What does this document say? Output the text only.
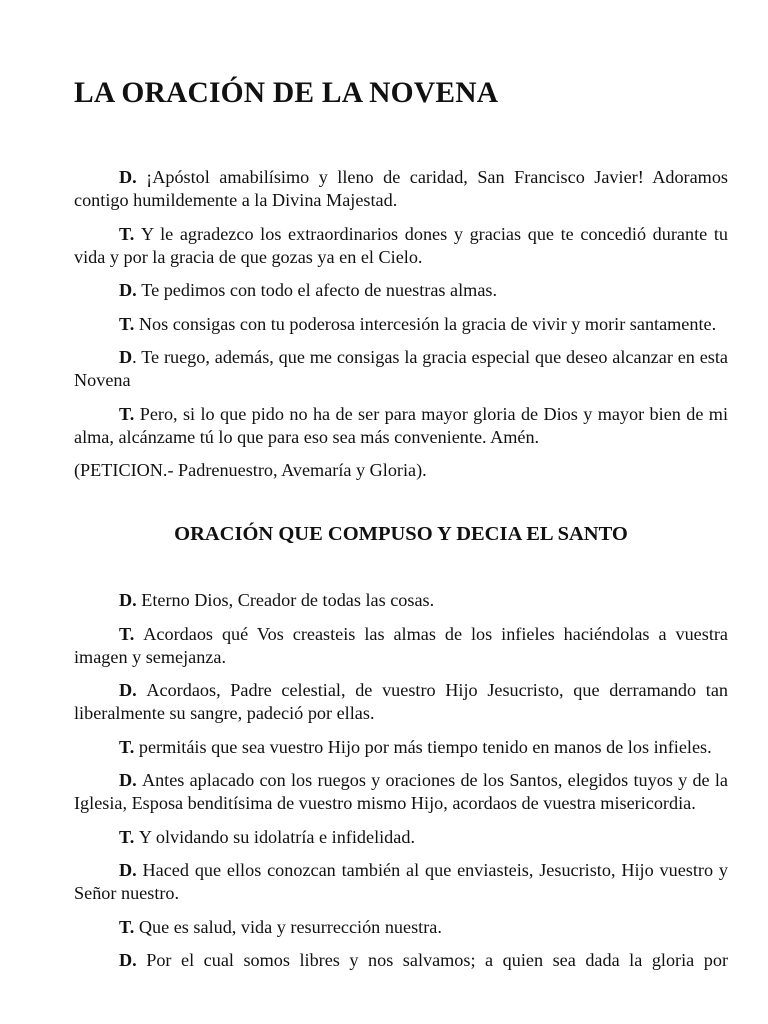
LA ORACIÓN DE LA NOVENA

D. ¡Apóstol amabilísimo y lleno de caridad, San Francisco Javier! Adoramos contigo humildemente a la Divina Majestad.

T. Y le agradezco los extraordinarios dones y gracias que te concedió durante tu vida y por la gracia de que gozas ya en el Cielo.

D. Te pedimos con todo el afecto de nuestras almas.

T. Nos consigas con tu poderosa intercesión la gracia de vivir y morir santamente.

D. Te ruego, además, que me consigas la gracia especial que deseo alcanzar en esta Novena

T. Pero, si lo que pido no ha de ser para mayor gloria de Dios y mayor bien de mi alma, alcánzame tú lo que para eso sea más conveniente. Amén.

(PETICION.- Padrenuestro, Avemaría y Gloria).

ORACIÓN QUE COMPUSO Y DECIA EL SANTO

D. Eterno Dios, Creador de todas las cosas.

T. Acordaos qué Vos creasteis las almas de los infieles haciéndolas a vuestra imagen y semejanza.

D. Acordaos, Padre celestial, de vuestro Hijo Jesucristo, que derramando tan liberalmente su sangre, padeció por ellas.

T. permitáis que sea vuestro Hijo por más tiempo tenido en manos de los infieles.

D. Antes aplacado con los ruegos y oraciones de los Santos, elegidos tuyos y de la Iglesia, Esposa benditísima de vuestro mismo Hijo, acordaos de vuestra misericordia.

T. Y olvidando su idolatría e infidelidad.

D. Haced que ellos conozcan también al que enviasteis, Jesucristo, Hijo vuestro y Señor nuestro.

T. Que es salud, vida y resurrección nuestra.

D. Por el cual somos libres y nos salvamos; a quien sea dada la gloria por
